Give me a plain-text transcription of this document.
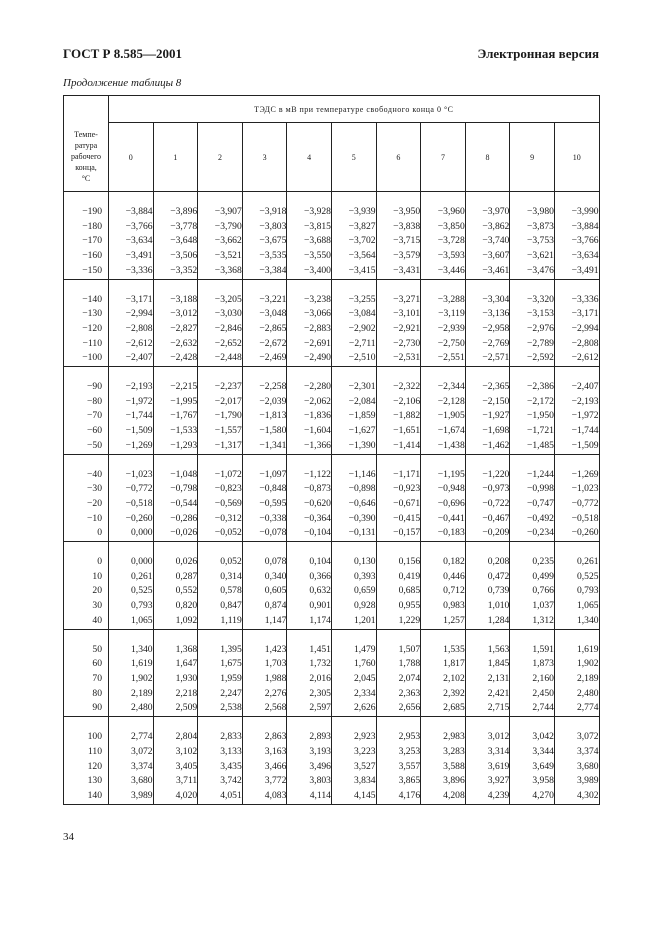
ГОСТ Р 8.585—2001	Электронная версия
Продолжение таблицы 8
	ТЭДС в мВ при температуре свободного конца 0 °С										

Темпе-
ратура
рабочего
конца,
°С	0	1	2	3	4	5	6	7	8	9	10

−190	−3,884	−3,896	−3,907	−3,918	−3,928	−3,939	−3,950	−3,960	−3,970	−3,980	−3,990
−180	−3,766	−3,778	−3,790	−3,803	−3,815	−3,827	−3,838	−3,850	−3,862	−3,873	−3,884
−170	−3,634	−3,648	−3,662	−3,675	−3,688	−3,702	−3,715	−3,728	−3,740	−3,753	−3,766
−160	−3,491	−3,506	−3,521	−3,535	−3,550	−3,564	−3,579	−3,593	−3,607	−3,621	−3,634
−150	−3,336	−3,352	−3,368	−3,384	−3,400	−3,415	−3,431	−3,446	−3,461	−3,476	−3,491

−140	−3,171	−3,188	−3,205	−3,221	−3,238	−3,255	−3,271	−3,288	−3,304	−3,320	−3,336
−130	−2,994	−3,012	−3,030	−3,048	−3,066	−3,084	−3,101	−3,119	−3,136	−3,153	−3,171
−120	−2,808	−2,827	−2,846	−2,865	−2,883	−2,902	−2,921	−2,939	−2,958	−2,976	−2,994
−110	−2,612	−2,632	−2,652	−2,672	−2,691	−2,711	−2,730	−2,750	−2,769	−2,789	−2,808
−100	−2,407	−2,428	−2,448	−2,469	−2,490	−2,510	−2,531	−2,551	−2,571	−2,592	−2,612

−90	−2,193	−2,215	−2,237	−2,258	−2,280	−2,301	−2,322	−2,344	−2,365	−2,386	−2,407
−80	−1,972	−1,995	−2,017	−2,039	−2,062	−2,084	−2,106	−2,128	−2,150	−2,172	−2,193
−70	−1,744	−1,767	−1,790	−1,813	−1,836	−1,859	−1,882	−1,905	−1,927	−1,950	−1,972
−60	−1,509	−1,533	−1,557	−1,580	−1,604	−1,627	−1,651	−1,674	−1,698	−1,721	−1,744
−50	−1,269	−1,293	−1,317	−1,341	−1,366	−1,390	−1,414	−1,438	−1,462	−1,485	−1,509

−40	−1,023	−1,048	−1,072	−1,097	−1,122	−1,146	−1,171	−1,195	−1,220	−1,244	−1,269
−30	−0,772	−0,798	−0,823	−0,848	−0,873	−0,898	−0,923	−0,948	−0,973	−0,998	−1,023
−20	−0,518	−0,544	−0,569	−0,595	−0,620	−0,646	−0,671	−0,696	−0,722	−0,747	−0,772
−10	−0,260	−0,286	−0,312	−0,338	−0,364	−0,390	−0,415	−0,441	−0,467	−0,492	−0,518
0	0,000	−0,026	−0,052	−0,078	−0,104	−0,131	−0,157	−0,183	−0,209	−0,234	−0,260

0	0,000	0,026	0,052	0,078	0,104	0,130	0,156	0,182	0,208	0,235	0,261
10	0,261	0,287	0,314	0,340	0,366	0,393	0,419	0,446	0,472	0,499	0,525
20	0,525	0,552	0,578	0,605	0,632	0,659	0,685	0,712	0,739	0,766	0,793
30	0,793	0,820	0,847	0,874	0,901	0,928	0,955	0,983	1,010	1,037	1,065
40	1,065	1,092	1,119	1,147	1,174	1,201	1,229	1,257	1,284	1,312	1,340

50	1,340	1,368	1,395	1,423	1,451	1,479	1,507	1,535	1,563	1,591	1,619
60	1,619	1,647	1,675	1,703	1,732	1,760	1,788	1,817	1,845	1,873	1,902
70	1,902	1,930	1,959	1,988	2,016	2,045	2,074	2,102	2,131	2,160	2,189
80	2,189	2,218	2,247	2,276	2,305	2,334	2,363	2,392	2,421	2,450	2,480
90	2,480	2,509	2,538	2,568	2,597	2,626	2,656	2,685	2,715	2,744	2,774

100	2,774	2,804	2,833	2,863	2,893	2,923	2,953	2,983	3,012	3,042	3,072
110	3,072	3,102	3,133	3,163	3,193	3,223	3,253	3,283	3,314	3,344	3,374
120	3,374	3,405	3,435	3,466	3,496	3,527	3,557	3,588	3,619	3,649	3,680
130	3,680	3,711	3,742	3,772	3,803	3,834	3,865	3,896	3,927	3,958	3,989
140	3,989	4,020	4,051	4,083	4,114	4,145	4,176	4,208	4,239	4,270	4,302
34
